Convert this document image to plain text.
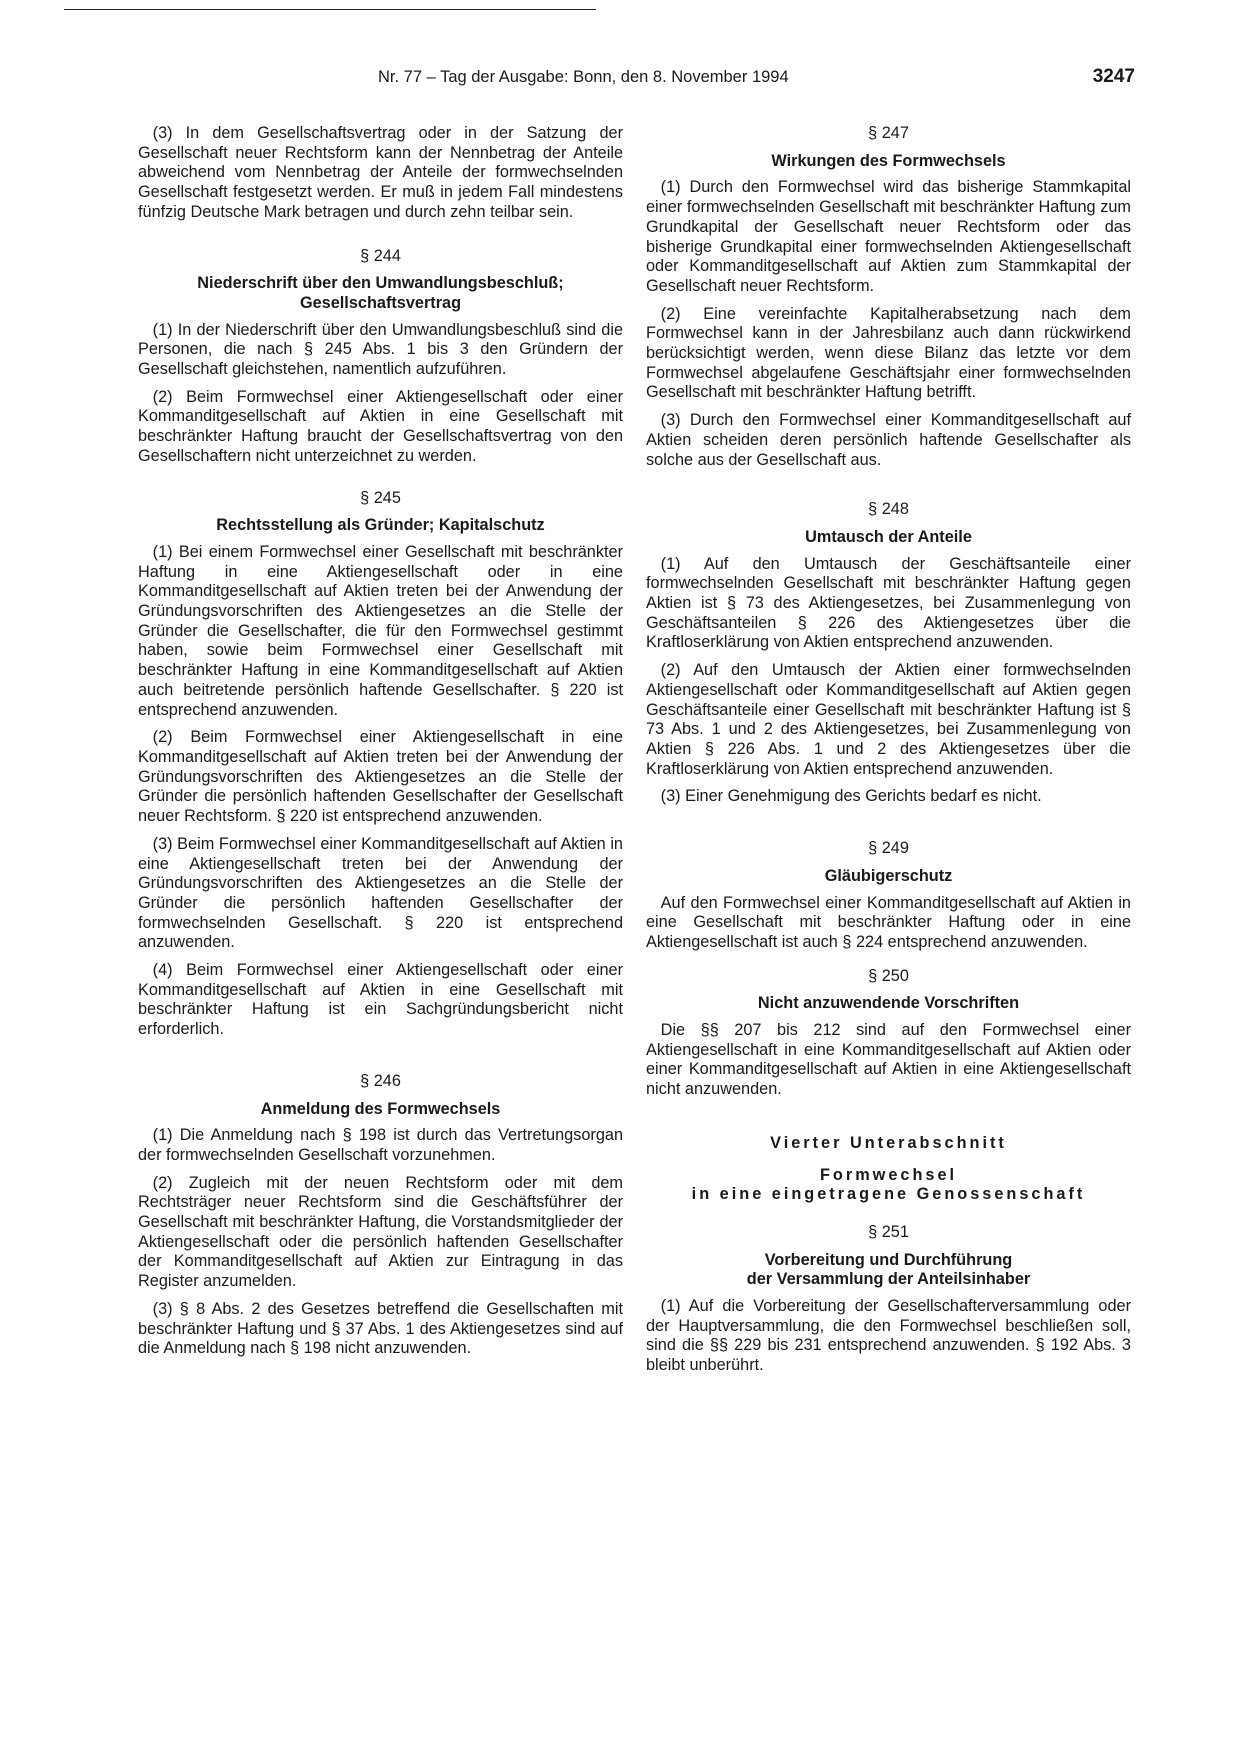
Nr. 77 – Tag der Ausgabe: Bonn, den 8. November 1994	3247

(3) In dem Gesellschaftsvertrag oder in der Satzung der Gesellschaft neuer Rechtsform kann der Nennbetrag der Anteile abweichend vom Nennbetrag der Anteile der formwechselnden Gesellschaft festgesetzt werden. Er muß in jedem Fall mindestens fünfzig Deutsche Mark betragen und durch zehn teilbar sein.

§ 244

Niederschrift über den Umwandlungsbeschluß;

Gesellschaftsvertrag

(1) In der Niederschrift über den Umwandlungsbeschluß sind die Personen, die nach § 245 Abs. 1 bis 3 den Gründern der Gesellschaft gleichstehen, namentlich aufzuführen.

(2) Beim Formwechsel einer Aktiengesellschaft oder einer Kommanditgesellschaft auf Aktien in eine Gesellschaft mit beschränkter Haftung braucht der Gesellschaftsvertrag von den Gesellschaftern nicht unterzeichnet zu werden.

§ 245

Rechtsstellung als Gründer; Kapitalschutz

(1) Bei einem Formwechsel einer Gesellschaft mit beschränkter Haftung in eine Aktiengesellschaft oder in eine Kommanditgesellschaft auf Aktien treten bei der Anwendung der Gründungsvorschriften des Aktiengesetzes an die Stelle der Gründer die Gesellschafter, die für den Formwechsel gestimmt haben, sowie beim Formwechsel einer Gesellschaft mit beschränkter Haftung in eine Kommanditgesellschaft auf Aktien auch beitretende persönlich haftende Gesellschafter. § 220 ist entsprechend anzuwenden.

(2) Beim Formwechsel einer Aktiengesellschaft in eine Kommanditgesellschaft auf Aktien treten bei der Anwendung der Gründungsvorschriften des Aktiengesetzes an die Stelle der Gründer die persönlich haftenden Gesellschafter der Gesellschaft neuer Rechtsform. § 220 ist entsprechend anzuwenden.

(3) Beim Formwechsel einer Kommanditgesellschaft auf Aktien in eine Aktiengesellschaft treten bei der Anwendung der Gründungsvorschriften des Aktiengesetzes an die Stelle der Gründer die persönlich haftenden Gesellschafter der formwechselnden Gesellschaft. § 220 ist entsprechend anzuwenden.

(4) Beim Formwechsel einer Aktiengesellschaft oder einer Kommanditgesellschaft auf Aktien in eine Gesellschaft mit beschränkter Haftung ist ein Sachgründungsbericht nicht erforderlich.

§ 246

Anmeldung des Formwechsels

(1) Die Anmeldung nach § 198 ist durch das Vertretungsorgan der formwechselnden Gesellschaft vorzunehmen.

(2) Zugleich mit der neuen Rechtsform oder mit dem Rechtsträger neuer Rechtsform sind die Geschäftsführer der Gesellschaft mit beschränkter Haftung, die Vorstandsmitglieder der Aktiengesellschaft oder die persönlich haftenden Gesellschafter der Kommanditgesellschaft auf Aktien zur Eintragung in das Register anzumelden.

(3) § 8 Abs. 2 des Gesetzes betreffend die Gesellschaften mit beschränkter Haftung und § 37 Abs. 1 des Aktiengesetzes sind auf die Anmeldung nach § 198 nicht anzuwenden.

§ 247

Wirkungen des Formwechsels

(1) Durch den Formwechsel wird das bisherige Stammkapital einer formwechselnden Gesellschaft mit beschränkter Haftung zum Grundkapital der Gesellschaft neuer Rechtsform oder das bisherige Grundkapital einer formwechselnden Aktiengesellschaft oder Kommanditgesellschaft auf Aktien zum Stammkapital der Gesellschaft neuer Rechtsform.

(2) Eine vereinfachte Kapitalherabsetzung nach dem Formwechsel kann in der Jahresbilanz auch dann rückwirkend berücksichtigt werden, wenn diese Bilanz das letzte vor dem Formwechsel abgelaufene Geschäftsjahr einer formwechselnden Gesellschaft mit beschränkter Haftung betrifft.

(3) Durch den Formwechsel einer Kommanditgesellschaft auf Aktien scheiden deren persönlich haftende Gesellschafter als solche aus der Gesellschaft aus.

§ 248

Umtausch der Anteile

(1) Auf den Umtausch der Geschäftsanteile einer formwechselnden Gesellschaft mit beschränkter Haftung gegen Aktien ist § 73 des Aktiengesetzes, bei Zusammenlegung von Geschäftsanteilen § 226 des Aktiengesetzes über die Kraftloserklärung von Aktien entsprechend anzuwenden.

(2) Auf den Umtausch der Aktien einer formwechselnden Aktiengesellschaft oder Kommanditgesellschaft auf Aktien gegen Geschäftsanteile einer Gesellschaft mit beschränkter Haftung ist § 73 Abs. 1 und 2 des Aktiengesetzes, bei Zusammenlegung von Aktien § 226 Abs. 1 und 2 des Aktiengesetzes über die Kraftloserklärung von Aktien entsprechend anzuwenden.

(3) Einer Genehmigung des Gerichts bedarf es nicht.

§ 249

Gläubigerschutz

Auf den Formwechsel einer Kommanditgesellschaft auf Aktien in eine Gesellschaft mit beschränkter Haftung oder in eine Aktiengesellschaft ist auch § 224 entsprechend anzuwenden.

§ 250

Nicht anzuwendende Vorschriften

Die §§ 207 bis 212 sind auf den Formwechsel einer Aktiengesellschaft in eine Kommanditgesellschaft auf Aktien oder einer Kommanditgesellschaft auf Aktien in eine Aktiengesellschaft nicht anzuwenden.

Vierter Unterabschnitt

Formwechsel

in eine eingetragene Genossenschaft

§ 251

Vorbereitung und Durchführung

der Versammlung der Anteilsinhaber

(1) Auf die Vorbereitung der Gesellschafterversammlung oder der Hauptversammlung, die den Formwechsel beschließen soll, sind die §§ 229 bis 231 entsprechend anzuwenden. § 192 Abs. 3 bleibt unberührt.
